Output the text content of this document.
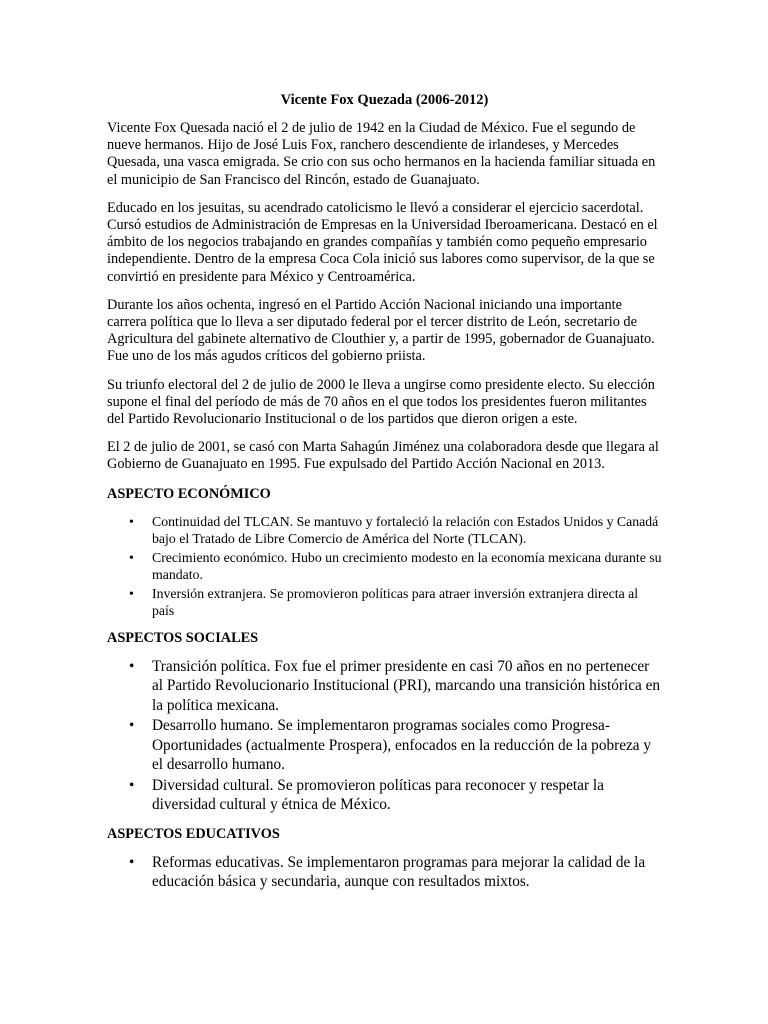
Vicente Fox Quezada (2006-2012)

Vicente Fox Quesada nació el 2 de julio de 1942 en la Ciudad de México. Fue el segundo de nueve hermanos. Hijo de José Luis Fox, ranchero descendiente de irlandeses, y Mercedes Quesada, una vasca emigrada. Se crio con sus ocho hermanos en la hacienda familiar situada en el municipio de San Francisco del Rincón, estado de Guanajuato.

Educado en los jesuitas, su acendrado catolicismo le llevó a considerar el ejercicio sacerdotal. Cursó estudios de Administración de Empresas en la Universidad Iberoamericana. Destacó en el ámbito de los negocios trabajando en grandes compañías y también como pequeño empresario independiente. Dentro de la empresa Coca Cola inició sus labores como supervisor, de la que se convirtió en presidente para México y Centroamérica.

Durante los años ochenta, ingresó en el Partido Acción Nacional iniciando una importante carrera política que lo lleva a ser diputado federal por el tercer distrito de León, secretario de Agricultura del gabinete alternativo de Clouthier y, a partir de 1995, gobernador de Guanajuato. Fue uno de los más agudos críticos del gobierno priista.

Su triunfo electoral del 2 de julio de 2000 le lleva a ungirse como presidente electo. Su elección supone el final del período de más de 70 años en el que todos los presidentes fueron militantes del Partido Revolucionario Institucional o de los partidos que dieron origen a este.

El 2 de julio de 2001, se casó con Marta Sahagún Jiménez una colaboradora desde que llegara al Gobierno de Guanajuato en 1995. Fue expulsado del Partido Acción Nacional en 2013.

ASPECTO ECONÓMICO
• Continuidad del TLCAN. Se mantuvo y fortaleció la relación con Estados Unidos y Canadá bajo el Tratado de Libre Comercio de América del Norte (TLCAN).
• Crecimiento económico. Hubo un crecimiento modesto en la economía mexicana durante su mandato.
• Inversión extranjera. Se promovieron políticas para atraer inversión extranjera directa al país
ASPECTOS SOCIALES
• Transición política. Fox fue el primer presidente en casi 70 años en no pertenecer al Partido Revolucionario Institucional (PRI), marcando una transición histórica en la política mexicana.
• Desarrollo humano. Se implementaron programas sociales como Progresa-Oportunidades (actualmente Prospera), enfocados en la reducción de la pobreza y el desarrollo humano.
• Diversidad cultural. Se promovieron políticas para reconocer y respetar la diversidad cultural y étnica de México.
ASPECTOS EDUCATIVOS
• Reformas educativas. Se implementaron programas para mejorar la calidad de la educación básica y secundaria, aunque con resultados mixtos.
